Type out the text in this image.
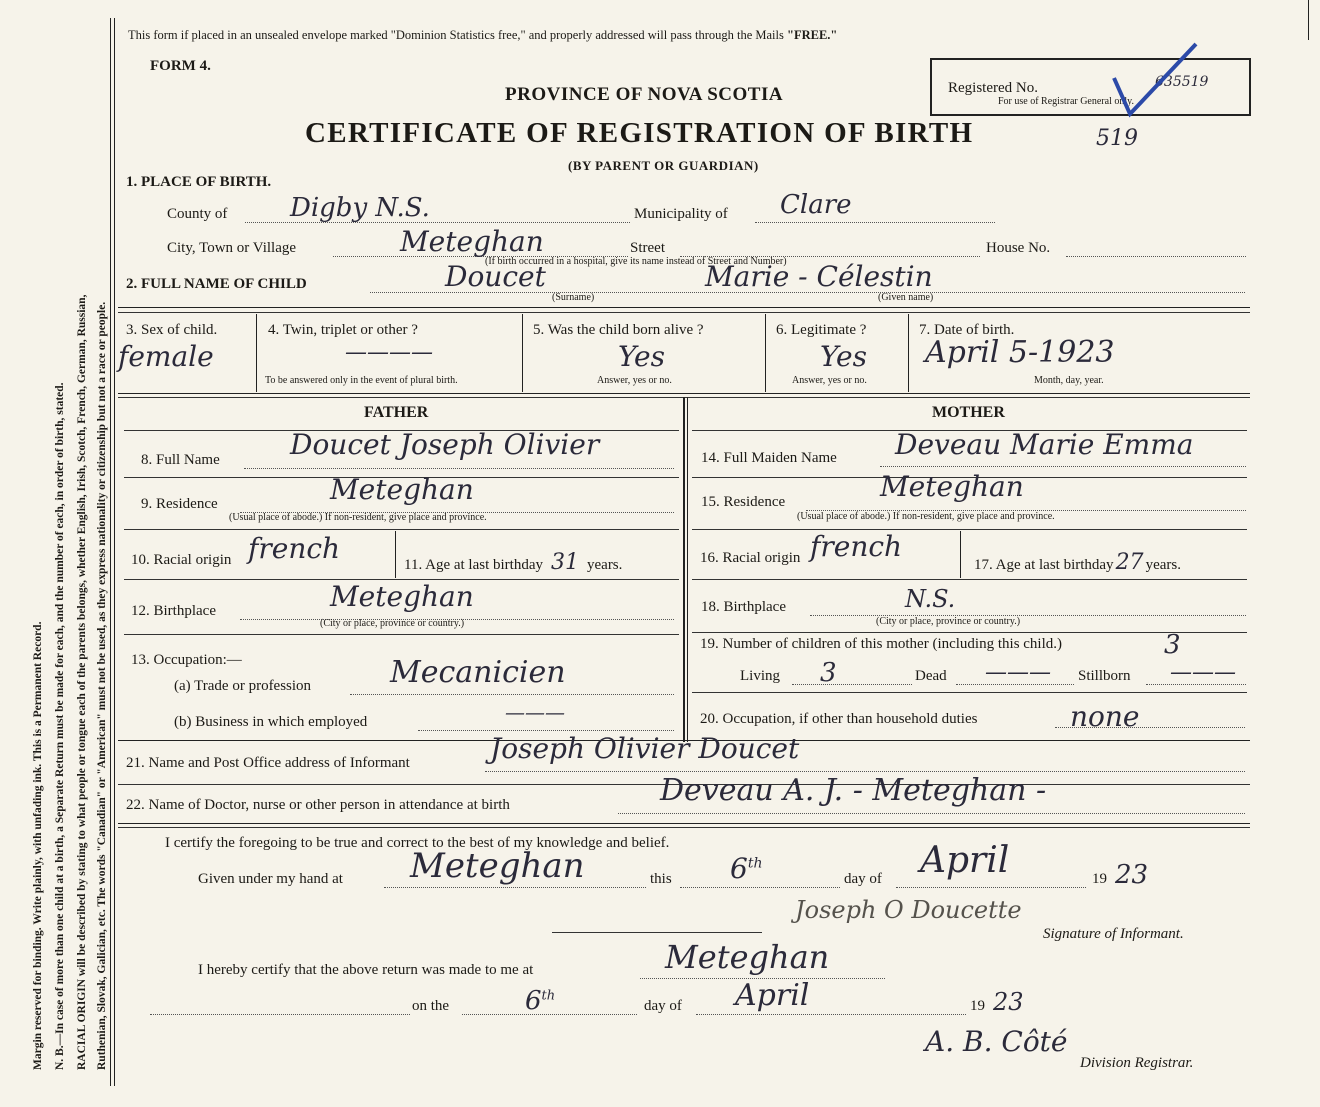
Margin reserved for binding. Write plainly, with unfading ink. This is a Permanent Record. N. B.—In case of more than one child at a birth, a Separate Return must be made for each, and the number of each, in order of birth, stated. RACIAL ORIGIN will be described by stating to what people or tongue each of the parents belongs, whether English, Irish, Scotch, French, German, Russian, Ruthenian, Slovak, Galician, etc. The words "Canadian" or "American" must not be used, as they express nationality or citizenship but not a race or people.
This form if placed in an unsealed envelope marked "Dominion Statistics free," and properly addressed will pass through the Mails "FREE."
FORM 4.
PROVINCE OF NOVA SCOTIA
CERTIFICATE OF REGISTRATION OF BIRTH
(BY PARENT OR GUARDIAN)
519
Registered No.	635519
For use of Registrar General only.
1. PLACE OF BIRTH.
County of Digby N.S.	Municipality of Clare
City, Town or Village	Meteghan	Street	House No.
(If birth occurred in a hospital, give its name instead of Street and Number)
2. FULL NAME OF CHILD	Doucet	Marie - Célestin
(Surname)	(Given name)
3. Sex of child.
female
4. Twin, triplet or other ?
————
To be answered only in the event of plural birth.
5. Was the child born alive ?
Yes
Answer, yes or no.
6. Legitimate ?
Yes
Answer, yes or no.
7. Date of birth.
April 5-1923
Month, day, year.
FATHER	MOTHER
8. Full Name	Doucet Joseph Olivier
9. Residence	Meteghan
(Usual place of abode.) If non-resident, give place and province.
10. Racial origin french	11. Age at last birthday 31 years.
12. Birthplace	Meteghan
(City or place, province or country.)
13. Occupation:—
(a) Trade or profession	Mecanicien
(b) Business in which employed	———
14. Full Maiden Name Deveau Marie Emma
15. Residence	Meteghan
(Usual place of abode.) If non-resident, give place and province.
16. Racial origin french
17. Age at last birthday27 years.
18. Birthplace	N.S.
(City or place, province or country.)
19. Number of children of this mother (including this child.)	3
Living 3	Dead ——— Stillborn ———
20. Occupation, if other than household duties	none
21. Name and Post Office address of Informant	Joseph Olivier Doucet
22. Name of Doctor, nurse or other person in attendance at birth	Deveau A. J. - Meteghan -
I certify the foregoing to be true and correct to the best of my knowledge and belief.
Given under my hand at Meteghan	this 6th
day of April	19 23
Joseph O Doucette
Signature of Informant.
I hereby certify that the above return was made to me at	Meteghan
on the	6th
day of April	19 23
A. B. Côté
Division Registrar.
